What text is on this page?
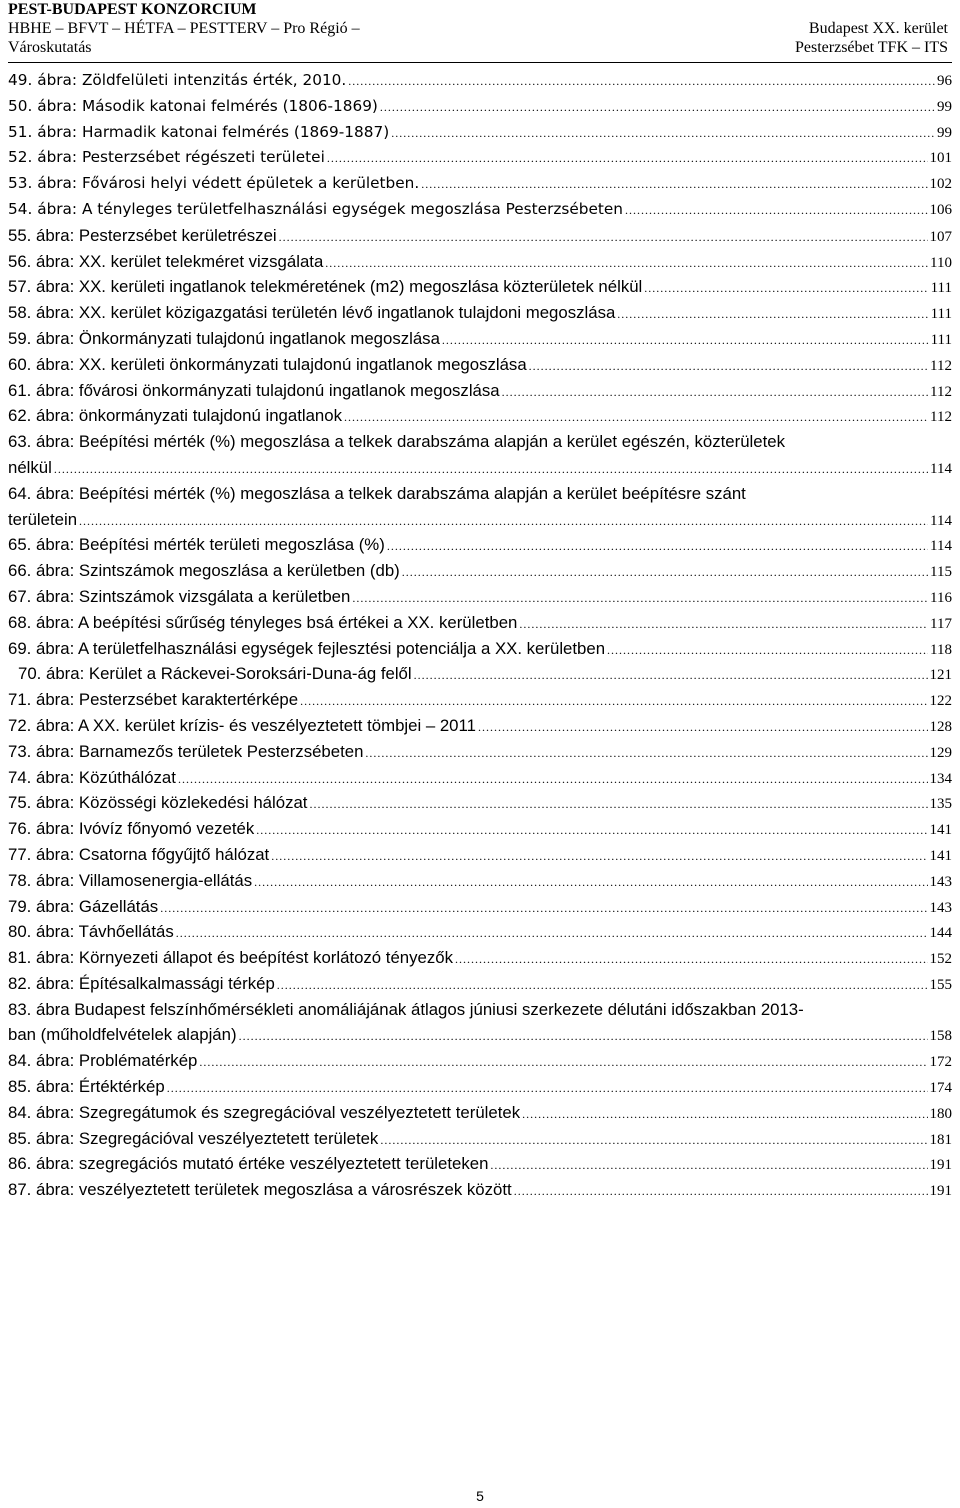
PEST-BUDAPEST KONZORCIUM
HBHE – BFVT – HÉTFA – PESTTERV – Pro Régió –
Városkutatás
Budapest XX. kerület
Pesterzsébet TFK – ITS
49. ábra: Zöldfelületi intenzitás érték, 2010. .....	96
50. ábra: Második katonai felmérés (1806-1869) .....	99
51. ábra: Harmadik katonai felmérés (1869-1887) .....	99
52. ábra: Pesterzsébet régészeti területei .....	101
53. ábra: Fővárosi helyi védett épületek a kerületben. .....	102
54. ábra: A tényleges területfelhasználási egységek megoszlása Pesterzsébeten .....	106
55. ábra: Pesterzsébet kerületrészei .....	107
56. ábra: XX. kerület telekméret vizsgálata .....	110
57. ábra: XX. kerületi ingatlanok telekméretének (m2) megoszlása közterületek nélkül .....	111
58. ábra: XX. kerület közigazgatási területén lévő ingatlanok tulajdoni megoszlása .....	111
59. ábra: Önkormányzati tulajdonú ingatlanok megoszlása .....	111
60. ábra: XX. kerületi önkormányzati tulajdonú ingatlanok megoszlása .....	112
61. ábra: fővárosi önkormányzati tulajdonú ingatlanok megoszlása .....	112
62. ábra: önkormányzati tulajdonú ingatlanok .....	112
63. ábra: Beépítési mérték (%) megoszlása a telkek darabszáma alapján a kerület egészén, közterületek
nélkül .....	114
64. ábra: Beépítési mérték (%) megoszlása a telkek darabszáma alapján a kerület beépítésre szánt
területein .....	114
65. ábra: Beépítési mérték területi megoszlása (%) .....	114
66. ábra: Szintszámok megoszlása a kerületben (db) .....	115
67. ábra: Szintszámok vizsgálata a kerületben .....	116
68. ábra: A beépítési sűrűség tényleges bsá értékei a XX. kerületben .....	117
69. ábra: A területfelhasználási egységek fejlesztési potenciálja a XX. kerületben .....	118
70. ábra: Kerület a Ráckevei-Soroksári-Duna-ág felől .....	121
71. ábra: Pesterzsébet karaktertérképe .....	122
72. ábra: A XX. kerület krízis- és veszélyeztetett tömbjei – 2011 .....	128
73. ábra: Barnamezős területek Pesterzsébeten .....	129
74. ábra: Közúthálózat .....	134
75. ábra: Közösségi közlekedési hálózat .....	135
76. ábra: Ivóvíz főnyomó vezeték .....	141
77. ábra: Csatorna főgyűjtő hálózat .....	141
78. ábra: Villamosenergia-ellátás .....	143
79. ábra: Gázellátás .....	143
80. ábra: Távhőellátás .....	144
81. ábra: Környezeti állapot és beépítést korlátozó tényezők .....	152
82. ábra: Építésalkalmassági térkép .....	155
83. ábra Budapest felszínhőmérsékleti anomáliájának átlagos júniusi szerkezete délutáni időszakban 2013-
ban (műholdfelvételek alapján) .....	158
84. ábra: Problématérkép .....	172
85. ábra: Értéktérkép .....	174
84. ábra: Szegregátumok és szegregációval veszélyeztetett területek .....	180
85. ábra: Szegregációval veszélyeztetett területek .....	181
86. ábra: szegregációs mutató értéke veszélyeztetett területeken .....	191
87. ábra: veszélyeztetett területek megoszlása a városrészek között .....	191
5
